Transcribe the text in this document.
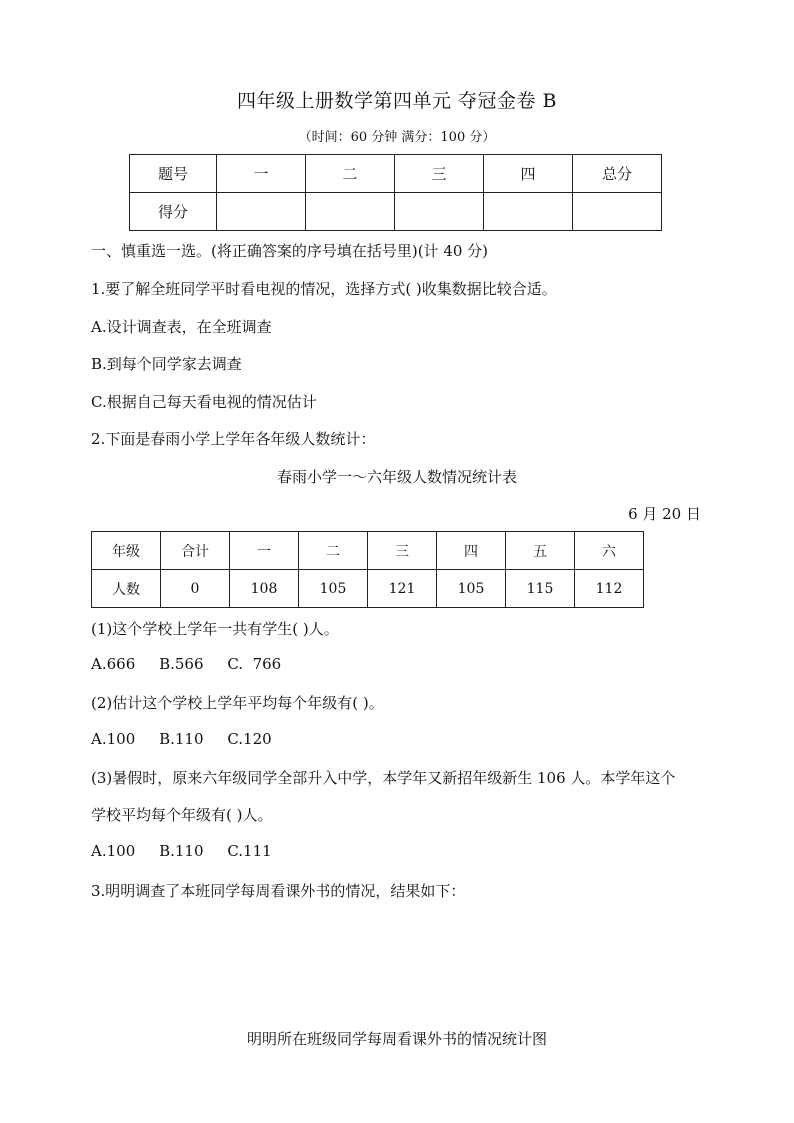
四年级上册数学第四单元 夺冠金卷 B
（时间：60 分钟 满分：100 分）
题号	一	二	三	四	总分
得分					
一、慎重选一选。(将正确答案的序号填在括号里)(计 40 分)
1.要了解全班同学平时看电视的情况，选择方式( )收集数据比较合适。
A.设计调查表，在全班调查
B.到每个同学家去调查
C.根据自己每天看电视的情况估计
2.下面是春雨小学上学年各年级人数统计：
春雨小学一～六年级人数情况统计表
6 月 20 日
年级	合计	一	二	三	四	五	六
人数	0	108	105	121	105	115	112
(1)这个学校上学年一共有学生( )人。
A.666     B.566     C.  766
(2)估计这个学校上学年平均每个年级有( )。
A.100     B.110     C.120
(3)暑假时，原来六年级同学全部升入中学，本学年又新招年级新生 106 人。本学年这个
学校平均每个年级有( )人。
A.100     B.110     C.111
3.明明调查了本班同学每周看课外书的情况，结果如下：
明明所在班级同学每周看课外书的情况统计图
